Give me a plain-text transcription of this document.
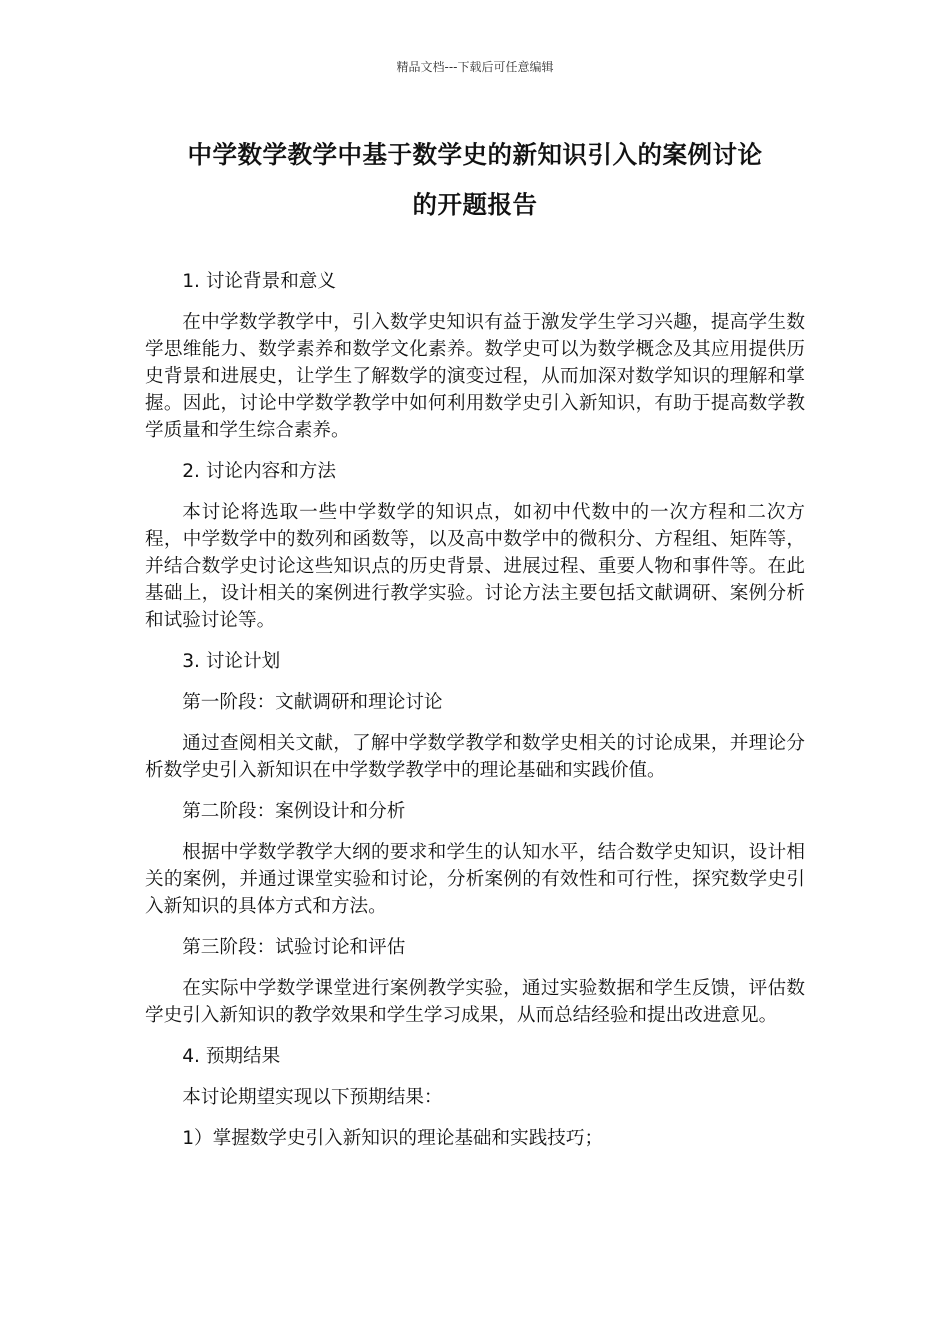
精品文档---下载后可任意编辑
中学数学教学中基于数学史的新知识引入的案例讨论
的开题报告

1. 讨论背景和意义

在中学数学教学中，引入数学史知识有益于激发学生学习兴趣，提高学生数学思维能力、数学素养和数学文化素养。数学史可以为数学概念及其应用提供历史背景和进展史，让学生了解数学的演变过程，从而加深对数学知识的理解和掌握。因此，讨论中学数学教学中如何利用数学史引入新知识，有助于提高数学教学质量和学生综合素养。

2. 讨论内容和方法

本讨论将选取一些中学数学的知识点，如初中代数中的一次方程和二次方程，中学数学中的数列和函数等，以及高中数学中的微积分、方程组、矩阵等，并结合数学史讨论这些知识点的历史背景、进展过程、重要人物和事件等。在此基础上，设计相关的案例进行教学实验。讨论方法主要包括文献调研、案例分析和试验讨论等。

3. 讨论计划

第一阶段：文献调研和理论讨论

通过查阅相关文献，了解中学数学教学和数学史相关的讨论成果，并理论分析数学史引入新知识在中学数学教学中的理论基础和实践价值。

第二阶段：案例设计和分析

根据中学数学教学大纲的要求和学生的认知水平，结合数学史知识，设计相关的案例，并通过课堂实验和讨论，分析案例的有效性和可行性，探究数学史引入新知识的具体方式和方法。

第三阶段：试验讨论和评估

在实际中学数学课堂进行案例教学实验，通过实验数据和学生反馈，评估数学史引入新知识的教学效果和学生学习成果，从而总结经验和提出改进意见。

4. 预期结果

本讨论期望实现以下预期结果：

1）掌握数学史引入新知识的理论基础和实践技巧；
